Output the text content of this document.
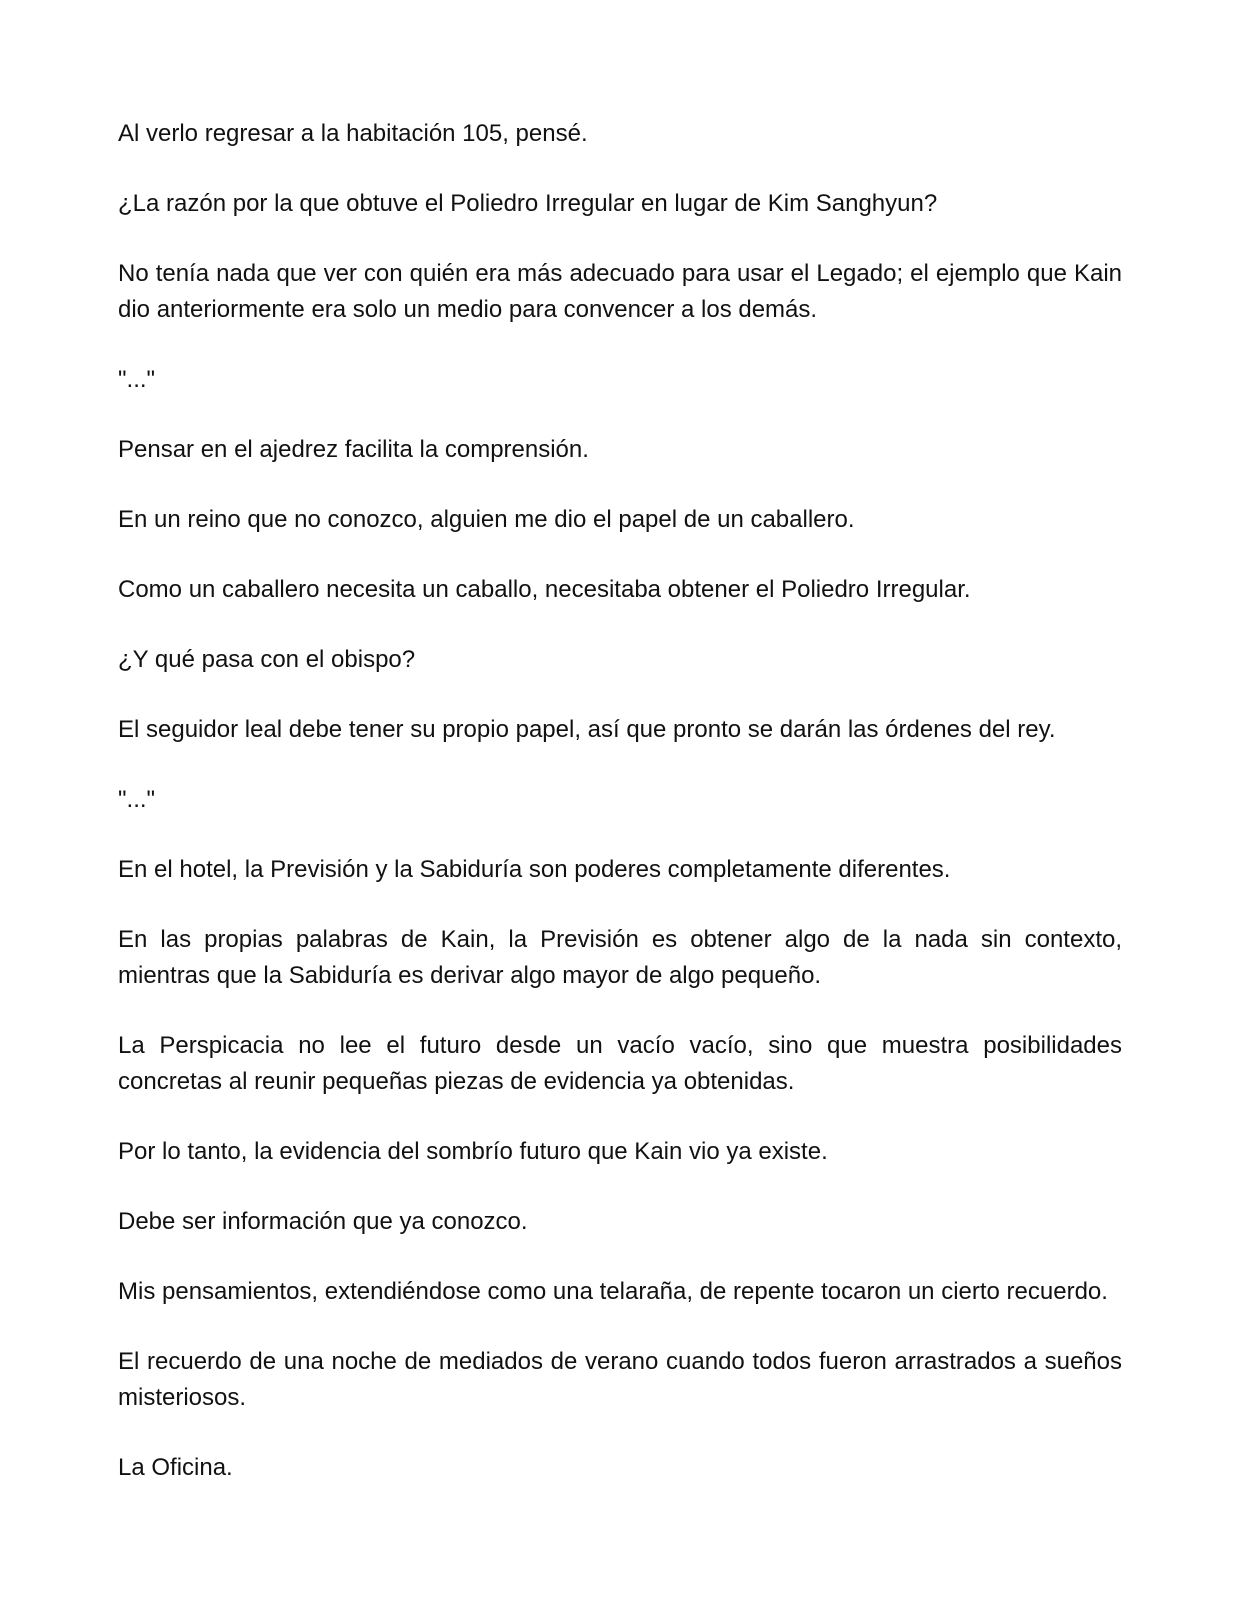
Al verlo regresar a la habitación 105, pensé.

¿La razón por la que obtuve el Poliedro Irregular en lugar de Kim Sanghyun?

No tenía nada que ver con quién era más adecuado para usar el Legado; el ejemplo que Kain dio anteriormente era solo un medio para convencer a los demás.

"..."

Pensar en el ajedrez facilita la comprensión.

En un reino que no conozco, alguien me dio el papel de un caballero.

Como un caballero necesita un caballo, necesitaba obtener el Poliedro Irregular.

¿Y qué pasa con el obispo?

El seguidor leal debe tener su propio papel, así que pronto se darán las órdenes del rey.

"..."

En el hotel, la Previsión y la Sabiduría son poderes completamente diferentes.

En las propias palabras de Kain, la Previsión es obtener algo de la nada sin contexto, mientras que la Sabiduría es derivar algo mayor de algo pequeño.

La Perspicacia no lee el futuro desde un vacío vacío, sino que muestra posibilidades concretas al reunir pequeñas piezas de evidencia ya obtenidas.

Por lo tanto, la evidencia del sombrío futuro que Kain vio ya existe.

Debe ser información que ya conozco.

Mis pensamientos, extendiéndose como una telaraña, de repente tocaron un cierto recuerdo.

El recuerdo de una noche de mediados de verano cuando todos fueron arrastrados a sueños misteriosos.

La Oficina.
